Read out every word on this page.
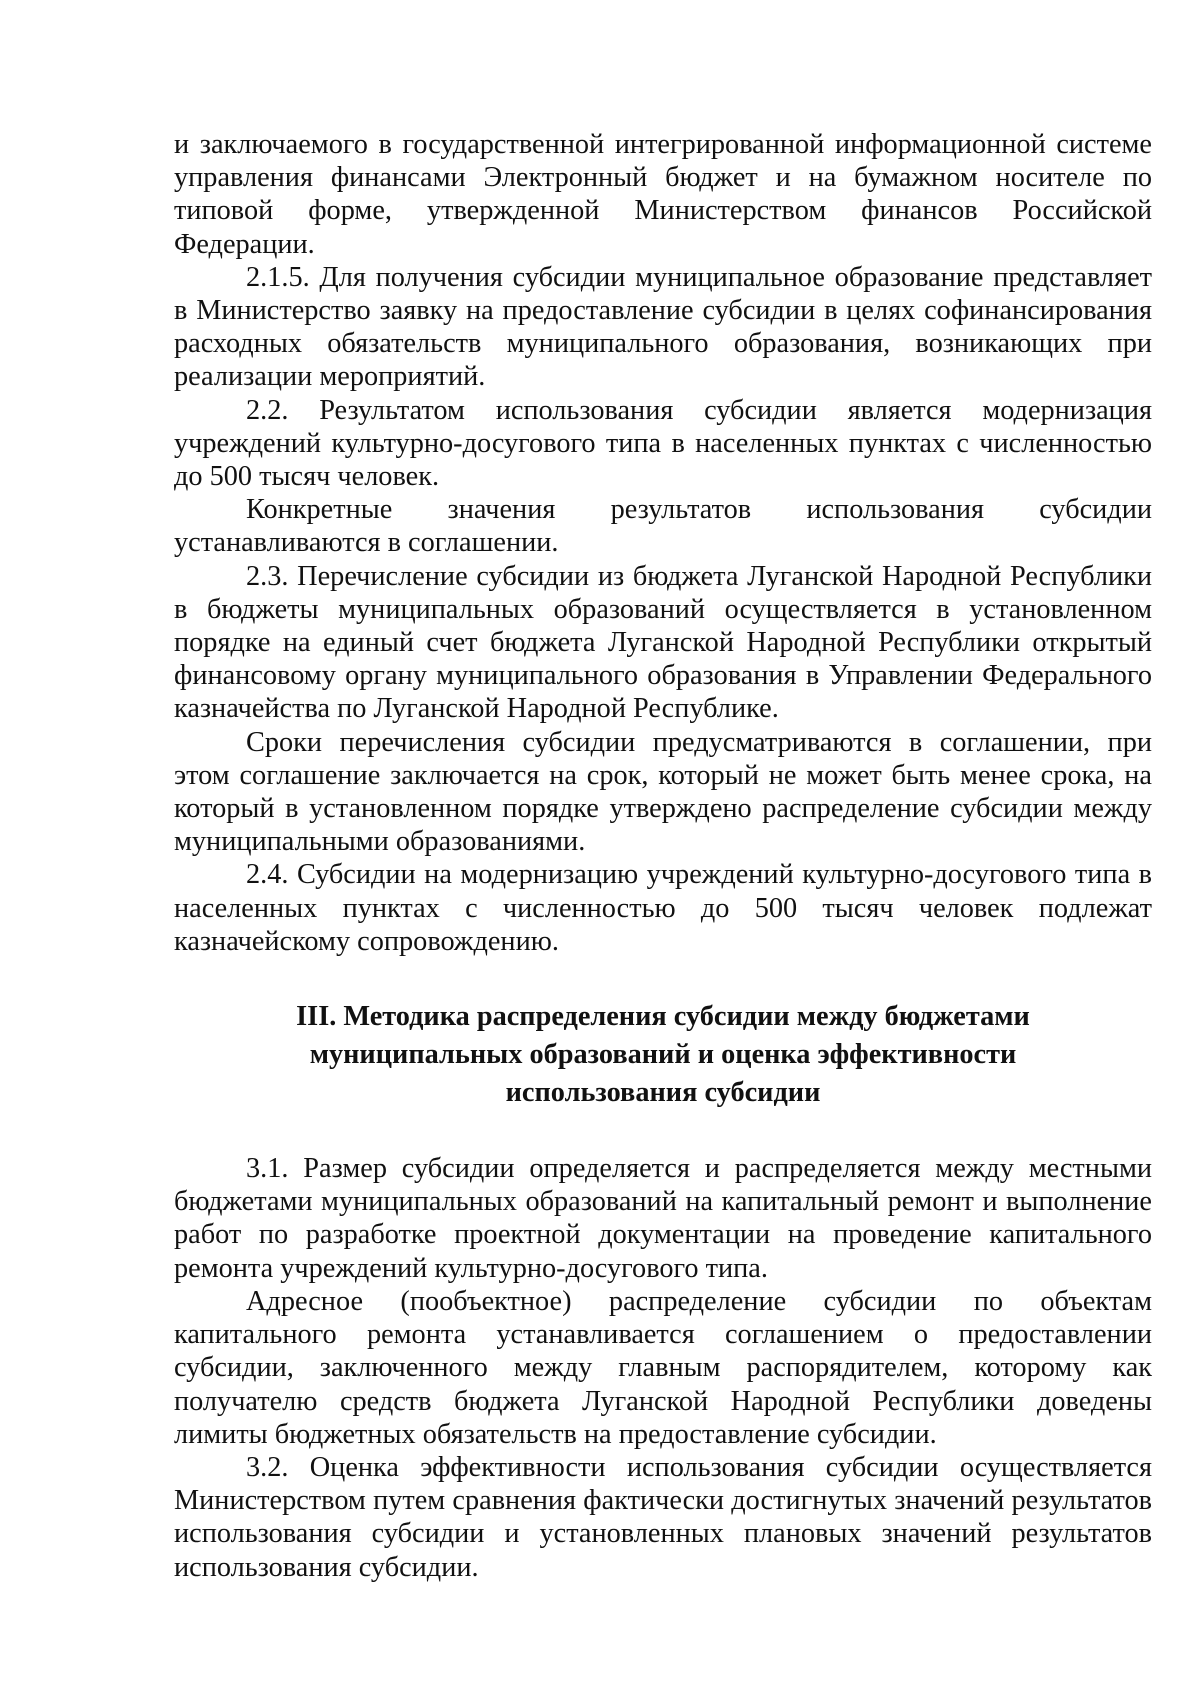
и заключаемого в государственной интегрированной информационной системе управления финансами Электронный бюджет и на бумажном носителе по типовой форме, утвержденной Министерством финансов Российской Федерации.

2.1.5. Для получения субсидии муниципальное образование представляет в Министерство заявку на предоставление субсидии в целях софинансирования расходных обязательств муниципального образования, возникающих при реализации мероприятий.

2.2. Результатом использования субсидии является модернизация учреждений культурно-досугового типа в населенных пунктах с численностью до 500 тысяч человек.

Конкретные значения результатов использования субсидии устанавливаются в соглашении.

2.3. Перечисление субсидии из бюджета Луганской Народной Республики в бюджеты муниципальных образований осуществляется в установленном порядке на единый счет бюджета Луганской Народной Республики открытый финансовому органу муниципального образования в Управлении Федерального казначейства по Луганской Народной Республике.

Сроки перечисления субсидии предусматриваются в соглашении, при этом соглашение заключается на срок, который не может быть менее срока, на который в установленном порядке утверждено распределение субсидии между муниципальными образованиями.

2.4. Субсидии на модернизацию учреждений культурно-досугового типа в населенных пунктах с численностью до 500 тысяч человек подлежат казначейскому сопровождению.

III. Методика распределения субсидии между бюджетами
муниципальных образований и оценка эффективности
использования субсидии

3.1. Размер субсидии определяется и распределяется между местными бюджетами муниципальных образований на капитальный ремонт и выполнение работ по разработке проектной документации на проведение капитального ремонта учреждений культурно-досугового типа.

Адресное (пообъектное) распределение субсидии по объектам капитального ремонта устанавливается соглашением о предоставлении субсидии, заключенного между главным распорядителем, которому как получателю средств бюджета Луганской Народной Республики доведены лимиты бюджетных обязательств на предоставление субсидии.

3.2. Оценка эффективности использования субсидии осуществляется Министерством путем сравнения фактически достигнутых значений результатов использования субсидии и установленных плановых значений результатов использования субсидии.
